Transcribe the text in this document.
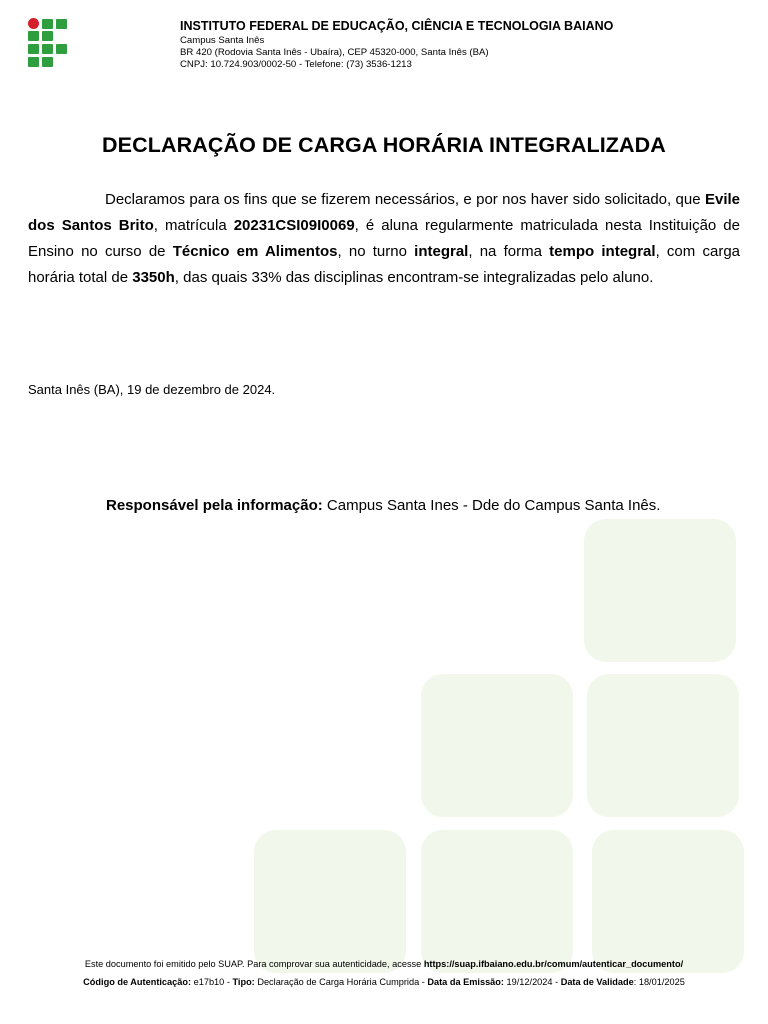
INSTITUTO FEDERAL DE EDUCAÇÃO, CIÊNCIA E TECNOLOGIA BAIANO
Campus Santa Inês
BR 420 (Rodovia Santa Inês - Ubaíra), CEP 45320-000, Santa Inês (BA)
CNPJ: 10.724.903/0002-50 - Telefone: (73) 3536-1213
DECLARAÇÃO DE CARGA HORÁRIA INTEGRALIZADA
Declaramos para os fins que se fizerem necessários, e por nos haver sido solicitado, que Evile dos Santos Brito, matrícula 20231CSI09I0069, é aluna regularmente matriculada nesta Instituição de Ensino no curso de Técnico em Alimentos, no turno integral, na forma tempo integral, com carga horária total de 3350h, das quais 33% das disciplinas encontram-se integralizadas pelo aluno.
Santa Inês (BA), 19 de dezembro de 2024.
Responsável pela informação: Campus Santa Ines - Dde do Campus Santa Inês.
Este documento foi emitido pelo SUAP. Para comprovar sua autenticidade, acesse https://suap.ifbaiano.edu.br/comum/autenticar_documento/
Código de Autenticação: e17b10 - Tipo: Declaração de Carga Horária Cumprida - Data da Emissão: 19/12/2024 - Data de Validade: 18/01/2025
